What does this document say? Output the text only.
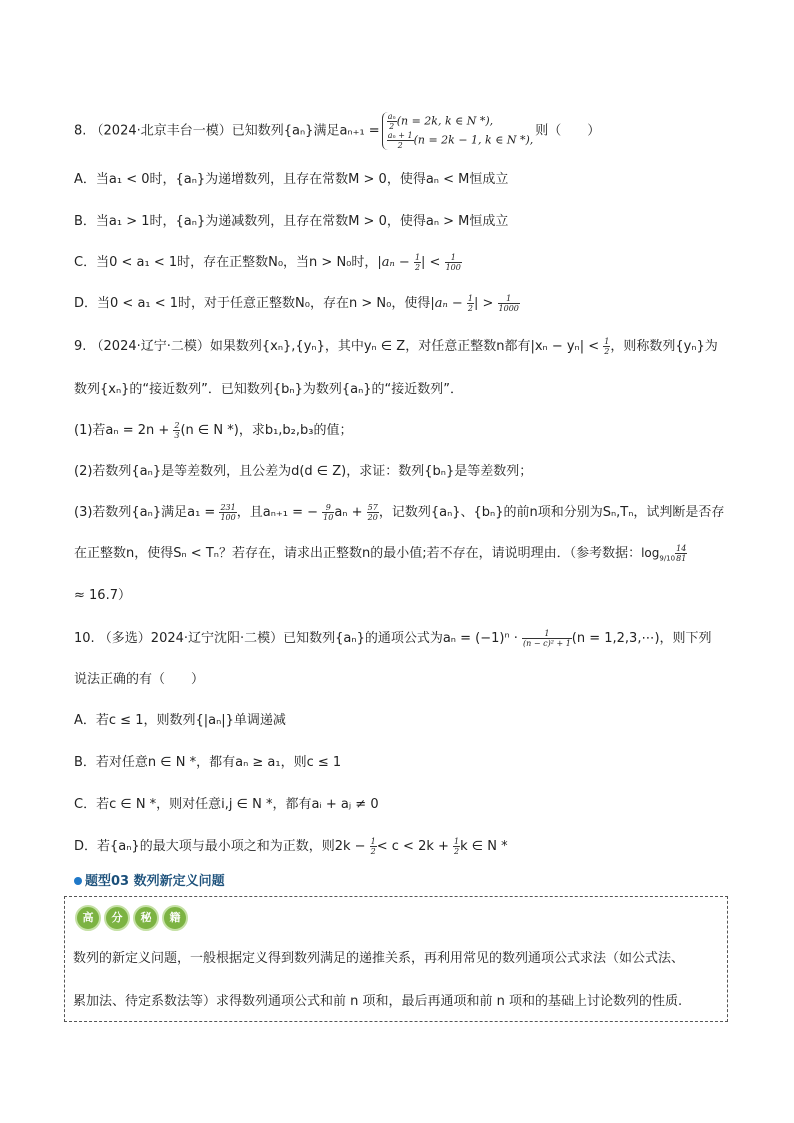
8. （2024·北京丰台一模）已知数列{aₙ}满足$a_{n+1} = \frac{\text{aₙ}}{2} (n = 2k$, k ∈ N *),
$\frac{\text{aₙ + 1}}{2} (n = 2k - 1$, k ∈ N *),
则（　　）
A．当a₁ < 0时，{aₙ}为递增数列，且存在常数M > 0，使得aₙ < M恒成立
B．当a₁ > 1时，{aₙ}为递减数列，且存在常数M > 0，使得aₙ > M恒成立
C．当0 < a₁ < 1时，存在正整数N₀，当n > N₀时，$|a_n - \frac{1}{2}$ | < $\frac{1}{100}$
D．当0 < a₁ < 1时，对于任意正整数N₀，存在n > N₀，使得$|a_n - \frac{1}{2}$ | > $\frac{1}{1000}$
9. （2024·辽宁·二模）如果数列{xₙ},{yₙ}，其中yₙ ∈ Z，对任意正整数n都有$|x_n - y_n| < \frac{1}{2}$ ，则称数列{yₙ}为
数列{xₙ}的“接近数列”．已知数列{bₙ}为数列{aₙ}的“接近数列”．
(1)若$a_n = 2n + \frac{2}{3} (n$ ∈ N *)，求b₁,b₂,b₃的值；
(2)若数列{aₙ}是等差数列，且公差为d(d ∈ Z)，求证：数列{bₙ}是等差数列；
(3)若数列{aₙ}满足$a_1 = \frac{231}{100}$ ，且aₙ₊₁ = − $\frac{9}{10}$ $a_n + \frac{57}{20}$ ，记数列{aₙ}、{bₙ}的前n项和分别为Sₙ,Tₙ，试判断是否存
在正整数n，使得Sₙ < Tₙ？若存在，请求出正整数n的最小值;若不存在，请说明理由．（参考数据：$\log_{9/10} \frac{14}{81}$
≈ 16.7）
10. （多选）2024·辽宁沈阳·二模）已知数列{aₙ}的通项公式为$a_n = (-1)^n \cdot \frac{1}{\text{(n − c)² + 1}} (n$ = 1,2,3,⋯)，则下列
说法正确的有（　　）
A．若c ≤ 1，则数列{|aₙ|}单调递减
B．若对任意n ∈ N *，都有aₙ ≥ a₁，则c ≤ 1
C．若c ∈ N *，则对任意i,j ∈ N *，都有aᵢ + aⱼ ≠ 0
D．若{aₙ}的最大项与最小项之和为正数，则$2k - \frac{1}{2} < c < 2k + \frac{1}{2}$ k ∈ N *
题型03 数列新定义问题
高	分	秘	籍
数列的新定义问题，一般根据定义得到数列满足的递推关系，再利用常见的数列通项公式求法（如公式法、
累加法、待定系数法等）求得数列通项公式和前 n 项和，最后再通项和前 n 项和的基础上讨论数列的性质.
